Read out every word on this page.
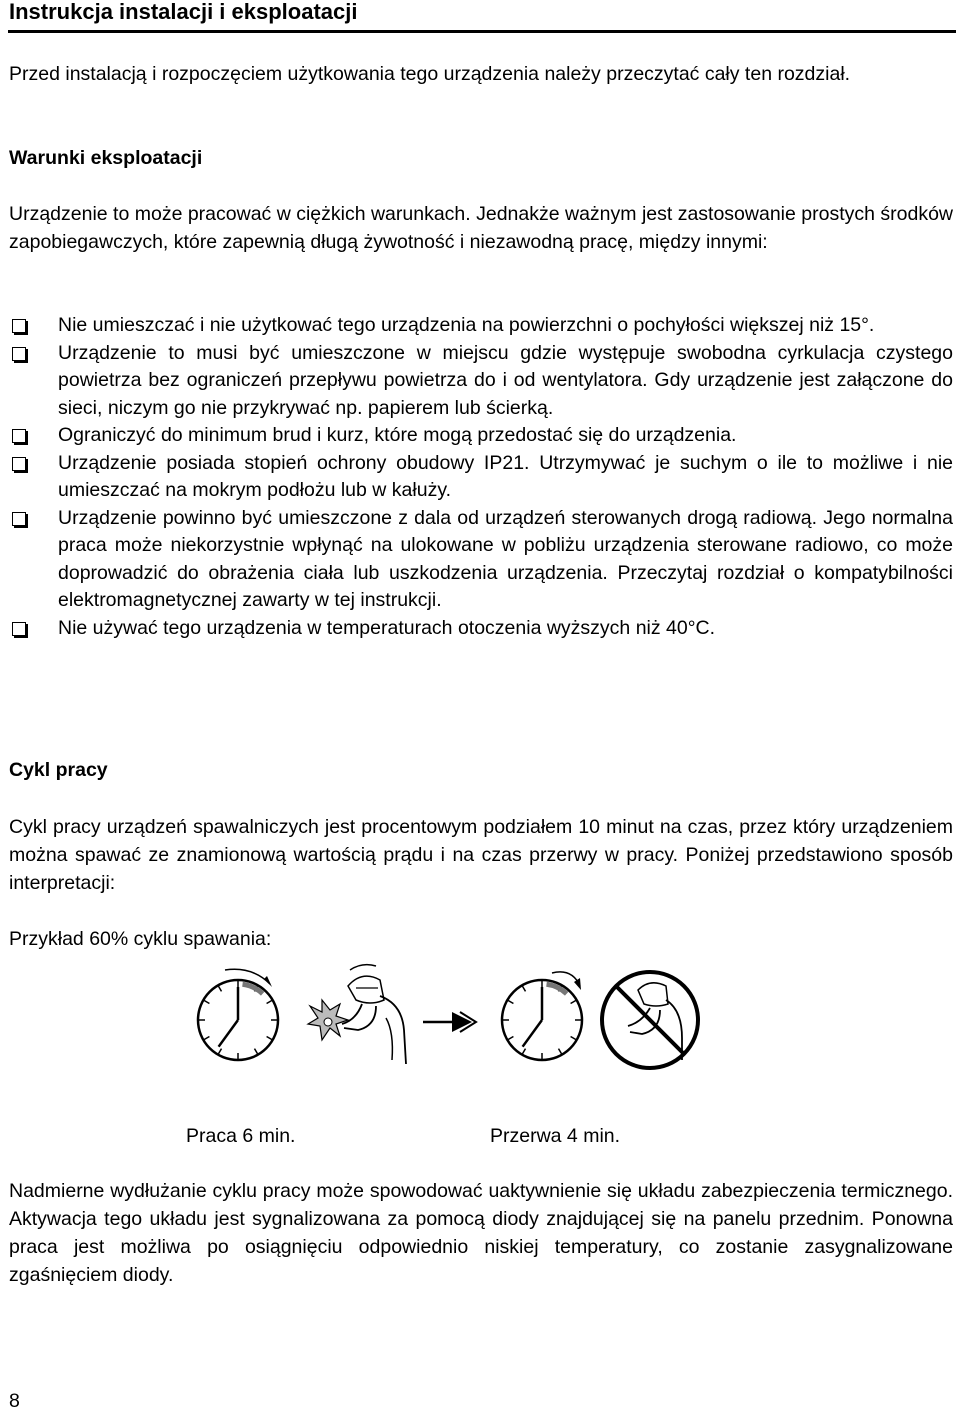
Instrukcja instalacji i eksploatacji

Przed instalacją i rozpoczęciem użytkowania tego urządzenia należy przeczytać cały ten rozdział.

Warunki eksploatacji

Urządzenie to może pracować w ciężkich warunkach. Jednakże ważnym jest zastosowanie prostych środków zapobiegawczych, które zapewnią długą żywotność i niezawodną pracę, między innymi:

Nie umieszczać i nie użytkować tego urządzenia na powierzchni o pochyłości większej niż 15°.
Urządzenie to musi być umieszczone w miejscu gdzie występuje swobodna cyrkulacja czystego powietrza bez ograniczeń przepływu powietrza do i od wentylatora. Gdy urządzenie jest załączone do sieci, niczym go nie przykrywać np. papierem lub ścierką.
Ograniczyć do minimum brud i kurz, które mogą przedostać się do urządzenia.
Urządzenie posiada stopień ochrony obudowy IP21. Utrzymywać je suchym o ile to możliwe i nie umieszczać na mokrym podłożu lub w kałuży.
Urządzenie powinno być umieszczone z dala od urządzeń sterowanych drogą radiową. Jego normalna praca może niekorzystnie wpłynąć na ulokowane w pobliżu urządzenia sterowane radiowo, co może doprowadzić do obrażenia ciała lub uszkodzenia urządzenia. Przeczytaj rozdział o kompatybilności elektromagnetycznej zawarty w tej instrukcji.
Nie używać tego urządzenia w temperaturach otoczenia wyższych niż 40°C.
Cykl pracy

Cykl pracy urządzeń spawalniczych jest procentowym podziałem 10 minut na czas, przez który urządzeniem można spawać ze znamionową wartością prądu i na czas przerwy w pracy. Poniżej przedstawiono sposób interpretacji:

Przykład 60% cyklu spawania:

Praca 6 min.	Przerwa 4 min.

Nadmierne wydłużanie cyklu pracy może spowodować uaktywnienie się układu zabezpieczenia termicznego. Aktywacja tego układu jest sygnalizowana za pomocą diody znajdującej się na panelu przednim. Ponowna praca jest możliwa po osiągnięciu odpowiednio niskiej temperatury, co zostanie zasygnalizowane zgaśnięciem diody.

8
